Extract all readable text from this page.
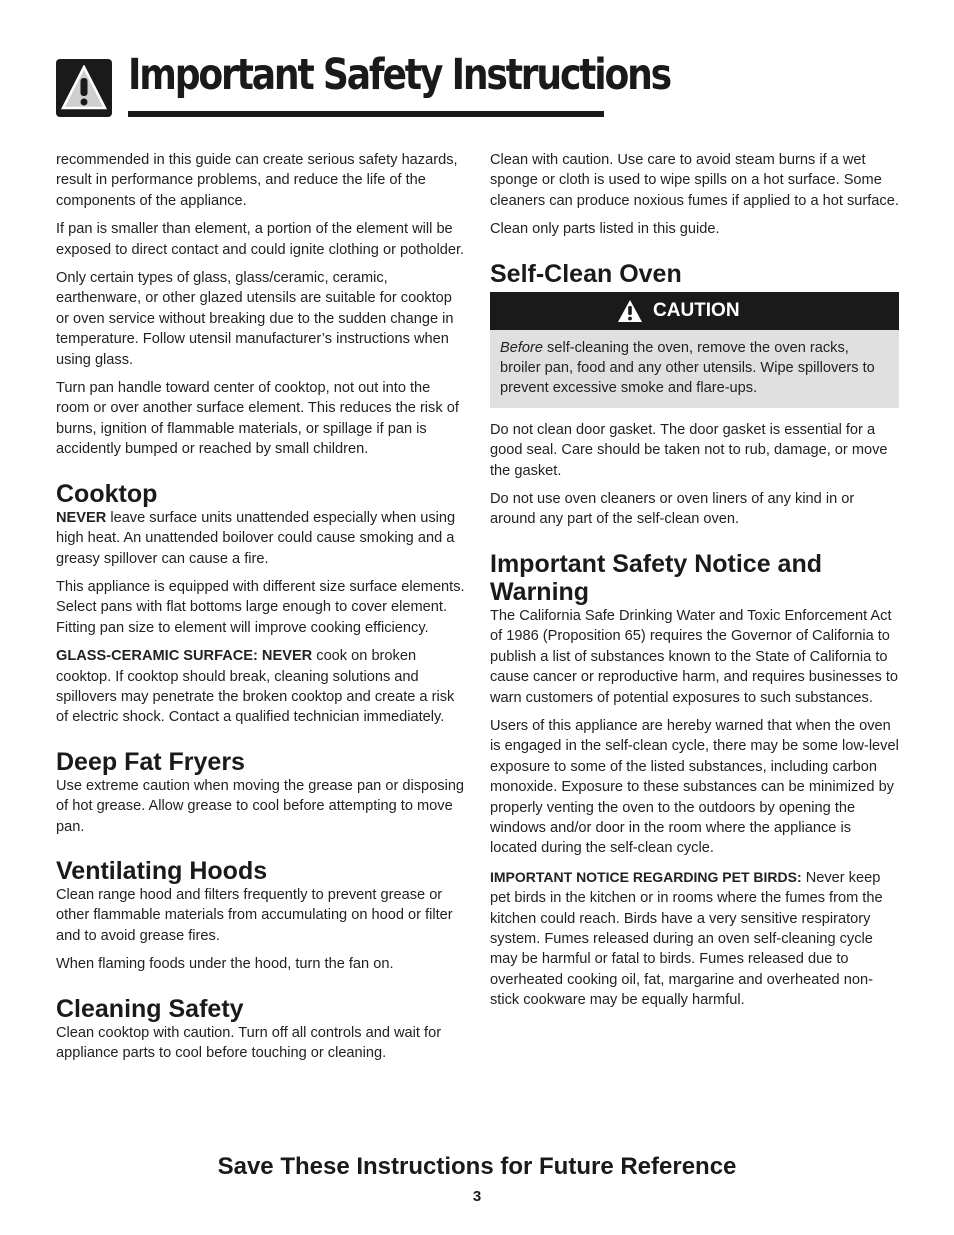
Important Safety Instructions

recommended in this guide can create serious safety hazards, result in performance problems, and reduce the life of the components of the appliance.

If pan is smaller than element, a portion of the element will be exposed to direct contact and could ignite clothing or potholder.

Only certain types of glass, glass/ceramic, ceramic, earthenware, or other glazed utensils are suitable for cooktop or oven service without breaking due to the sudden change in temperature. Follow utensil manufacturer’s instructions when using glass.

Turn pan handle toward center of cooktop, not out into the room or over another surface element. This reduces the risk of burns, ignition of flammable materials, or spillage if pan is accidently bumped or reached by small children.

Cooktop

NEVER leave surface units unattended especially when using high heat. An unattended boilover could cause smoking and a greasy spillover can cause a fire.

This appliance is equipped with different size surface elements. Select pans with flat bottoms large enough to cover element. Fitting pan size to element will improve cooking efficiency.

GLASS-CERAMIC SURFACE: NEVER cook on broken cooktop. If cooktop should break, cleaning solutions and spillovers may penetrate the broken cooktop and create a risk of electric shock. Contact a qualified technician immediately.

Deep Fat Fryers

Use extreme caution when moving the grease pan or disposing of hot grease. Allow grease to cool before attempting to move pan.

Ventilating Hoods

Clean range hood and filters frequently to prevent grease or other flammable materials from accumulating on hood or filter and to avoid grease fires.

When flaming foods under the hood, turn the fan on.

Cleaning Safety

Clean cooktop with caution. Turn off all controls and wait for appliance parts to cool before touching or cleaning.

Clean with caution. Use care to avoid steam burns if a wet sponge or cloth is used to wipe spills on a hot surface. Some cleaners can produce noxious fumes if applied to a hot surface.

Clean only parts listed in this guide.

Self-Clean Oven
CAUTION

Before self-cleaning the oven, remove the oven racks, broiler pan, food and any other utensils. Wipe spillovers to prevent excessive smoke and flare-ups.

Do not clean door gasket. The door gasket is essential for a good seal. Care should be taken not to rub, damage, or move the gasket.

Do not use oven cleaners or oven liners of any kind in or around any part of the self-clean oven.

Important Safety Notice and Warning

The California Safe Drinking Water and Toxic Enforcement Act of 1986 (Proposition 65) requires the Governor of California to publish a list of substances known to the State of California to cause cancer or reproductive harm, and requires businesses to warn customers of potential exposures to such substances.

Users of this appliance are hereby warned that when the oven is engaged in the self-clean cycle, there may be some low-level exposure to some of the listed substances, including carbon monoxide. Exposure to these substances can be minimized by properly venting the oven to the outdoors by opening the windows and/or door in the room where the appliance is located during the self-clean cycle.

IMPORTANT NOTICE REGARDING PET BIRDS: Never keep pet birds in the kitchen or in rooms where the fumes from the kitchen could reach. Birds have a very sensitive respiratory system. Fumes released during an oven self-cleaning cycle may be harmful or fatal to birds. Fumes released due to overheated cooking oil, fat, margarine and overheated non-stick cookware may be equally harmful.

Save These Instructions for Future Reference
3
